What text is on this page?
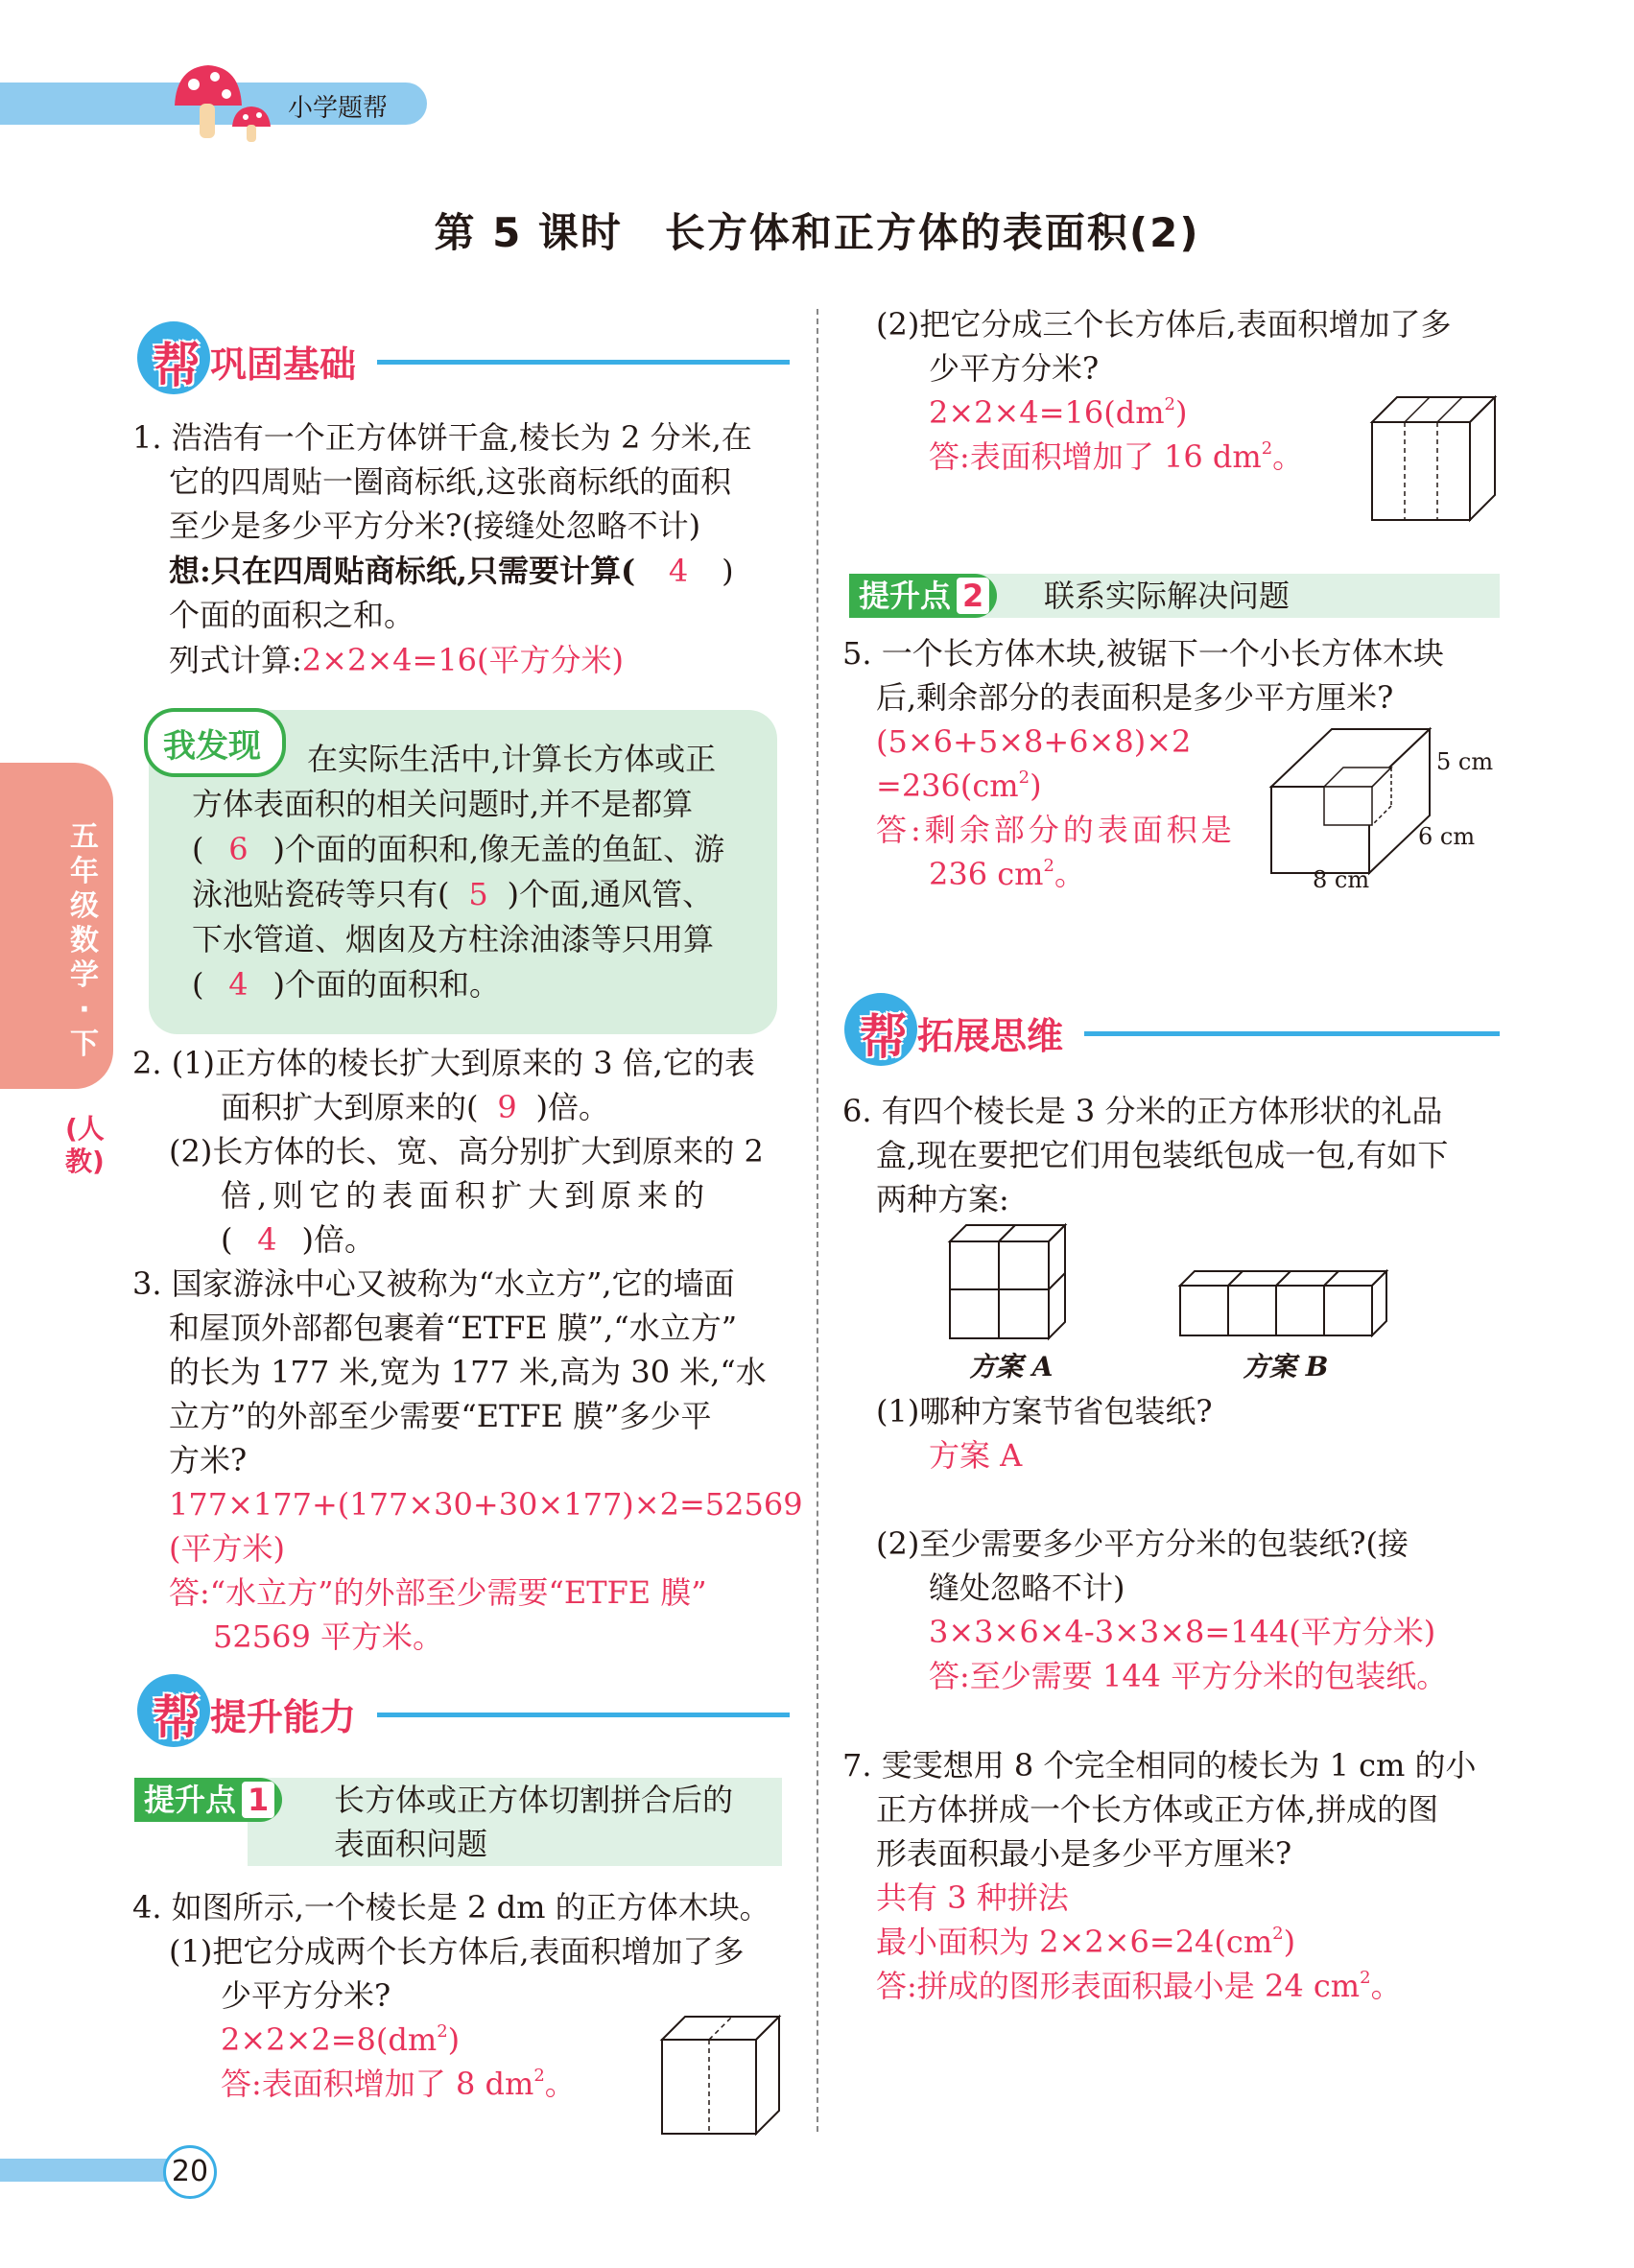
小学题帮
第 5 课时　长方体和正方体的表面积(2)
五年级数学·下
(人教)
帮 巩固基础
1. 浩浩有一个正方体饼干盒,棱长为 2 分米,在
它的四周贴一圈商标纸,这张商标纸的面积
至少是多少平方分米?(接缝处忽略不计)
想:只在四周贴商标纸,只需要计算( 4 )
个面的面积之和。
列式计算:2×2×4=16(平方分米)
在实际生活中,计算长方体或正
方体表面积的相关问题时,并不是都算
( 6 )个面的面积和,像无盖的鱼缸、游
泳池贴瓷砖等只有( 5 )个面,通风管、
下水管道、烟囱及方柱涂油漆等只用算
( 4 )个面的面积和。
我发现
2. (1)正方体的棱长扩大到原来的 3 倍,它的表
面积扩大到原来的( 9 )倍。
(2)长方体的长、宽、高分别扩大到原来的 2
倍,则它的表面积扩大到原来的
( 4 )倍。
3. 国家游泳中心又被称为“水立方”,它的墙面
和屋顶外部都包裹着“ETFE 膜”,“水立方”
的长为 177 米,宽为 177 米,高为 30 米,“水
立方”的外部至少需要“ETFE 膜”多少平
方米?
177×177+(177×30+30×177)×2=52569
(平方米)
答:“水立方”的外部至少需要“ETFE 膜”
52569 平方米。
帮 提升能力
提升点 1	长方体或正方体切割拼合后的
表面积问题
4. 如图所示,一个棱长是 2 dm 的正方体木块。
(1)把它分成两个长方体后,表面积增加了多
少平方分米?
$2\times 2\times 2=8(dm^2)$
答:表面积增加了 8 $dm^2$。
(2)把它分成三个长方体后,表面积增加了多
少平方分米?
$2\times 2\times 4=16(dm^2)$
答:表面积增加了 16 $dm^2$。
提升点 2	联系实际解决问题
5. 一个长方体木块,被锯下一个小长方体木块
后,剩余部分的表面积是多少平方厘米?
(5×6+5×8+6×8)×2
$=236(cm^2)$
答:剩余部分的表面积是
236 $cm^2$。
5 cm
6 cm
8 cm
帮 拓展思维
6. 有四个棱长是 3 分米的正方体形状的礼品
盒,现在要把它们用包装纸包成一包,有如下
两种方案:
方案 A	方案 B
(1)哪种方案节省包装纸?
方案 A
(2)至少需要多少平方分米的包装纸?(接
缝处忽略不计)
3×3×6×4-3×3×8=144(平方分米)
答:至少需要 144 平方分米的包装纸。
7. 雯雯想用 8 个完全相同的棱长为 1 cm 的小
正方体拼成一个长方体或正方体,拼成的图
形表面积最小是多少平方厘米?
共有 3 种拼法
最小面积为 $2\times 2\times 6=24(cm^2)$
答:拼成的图形表面积最小是 24 $cm^2$。
20
